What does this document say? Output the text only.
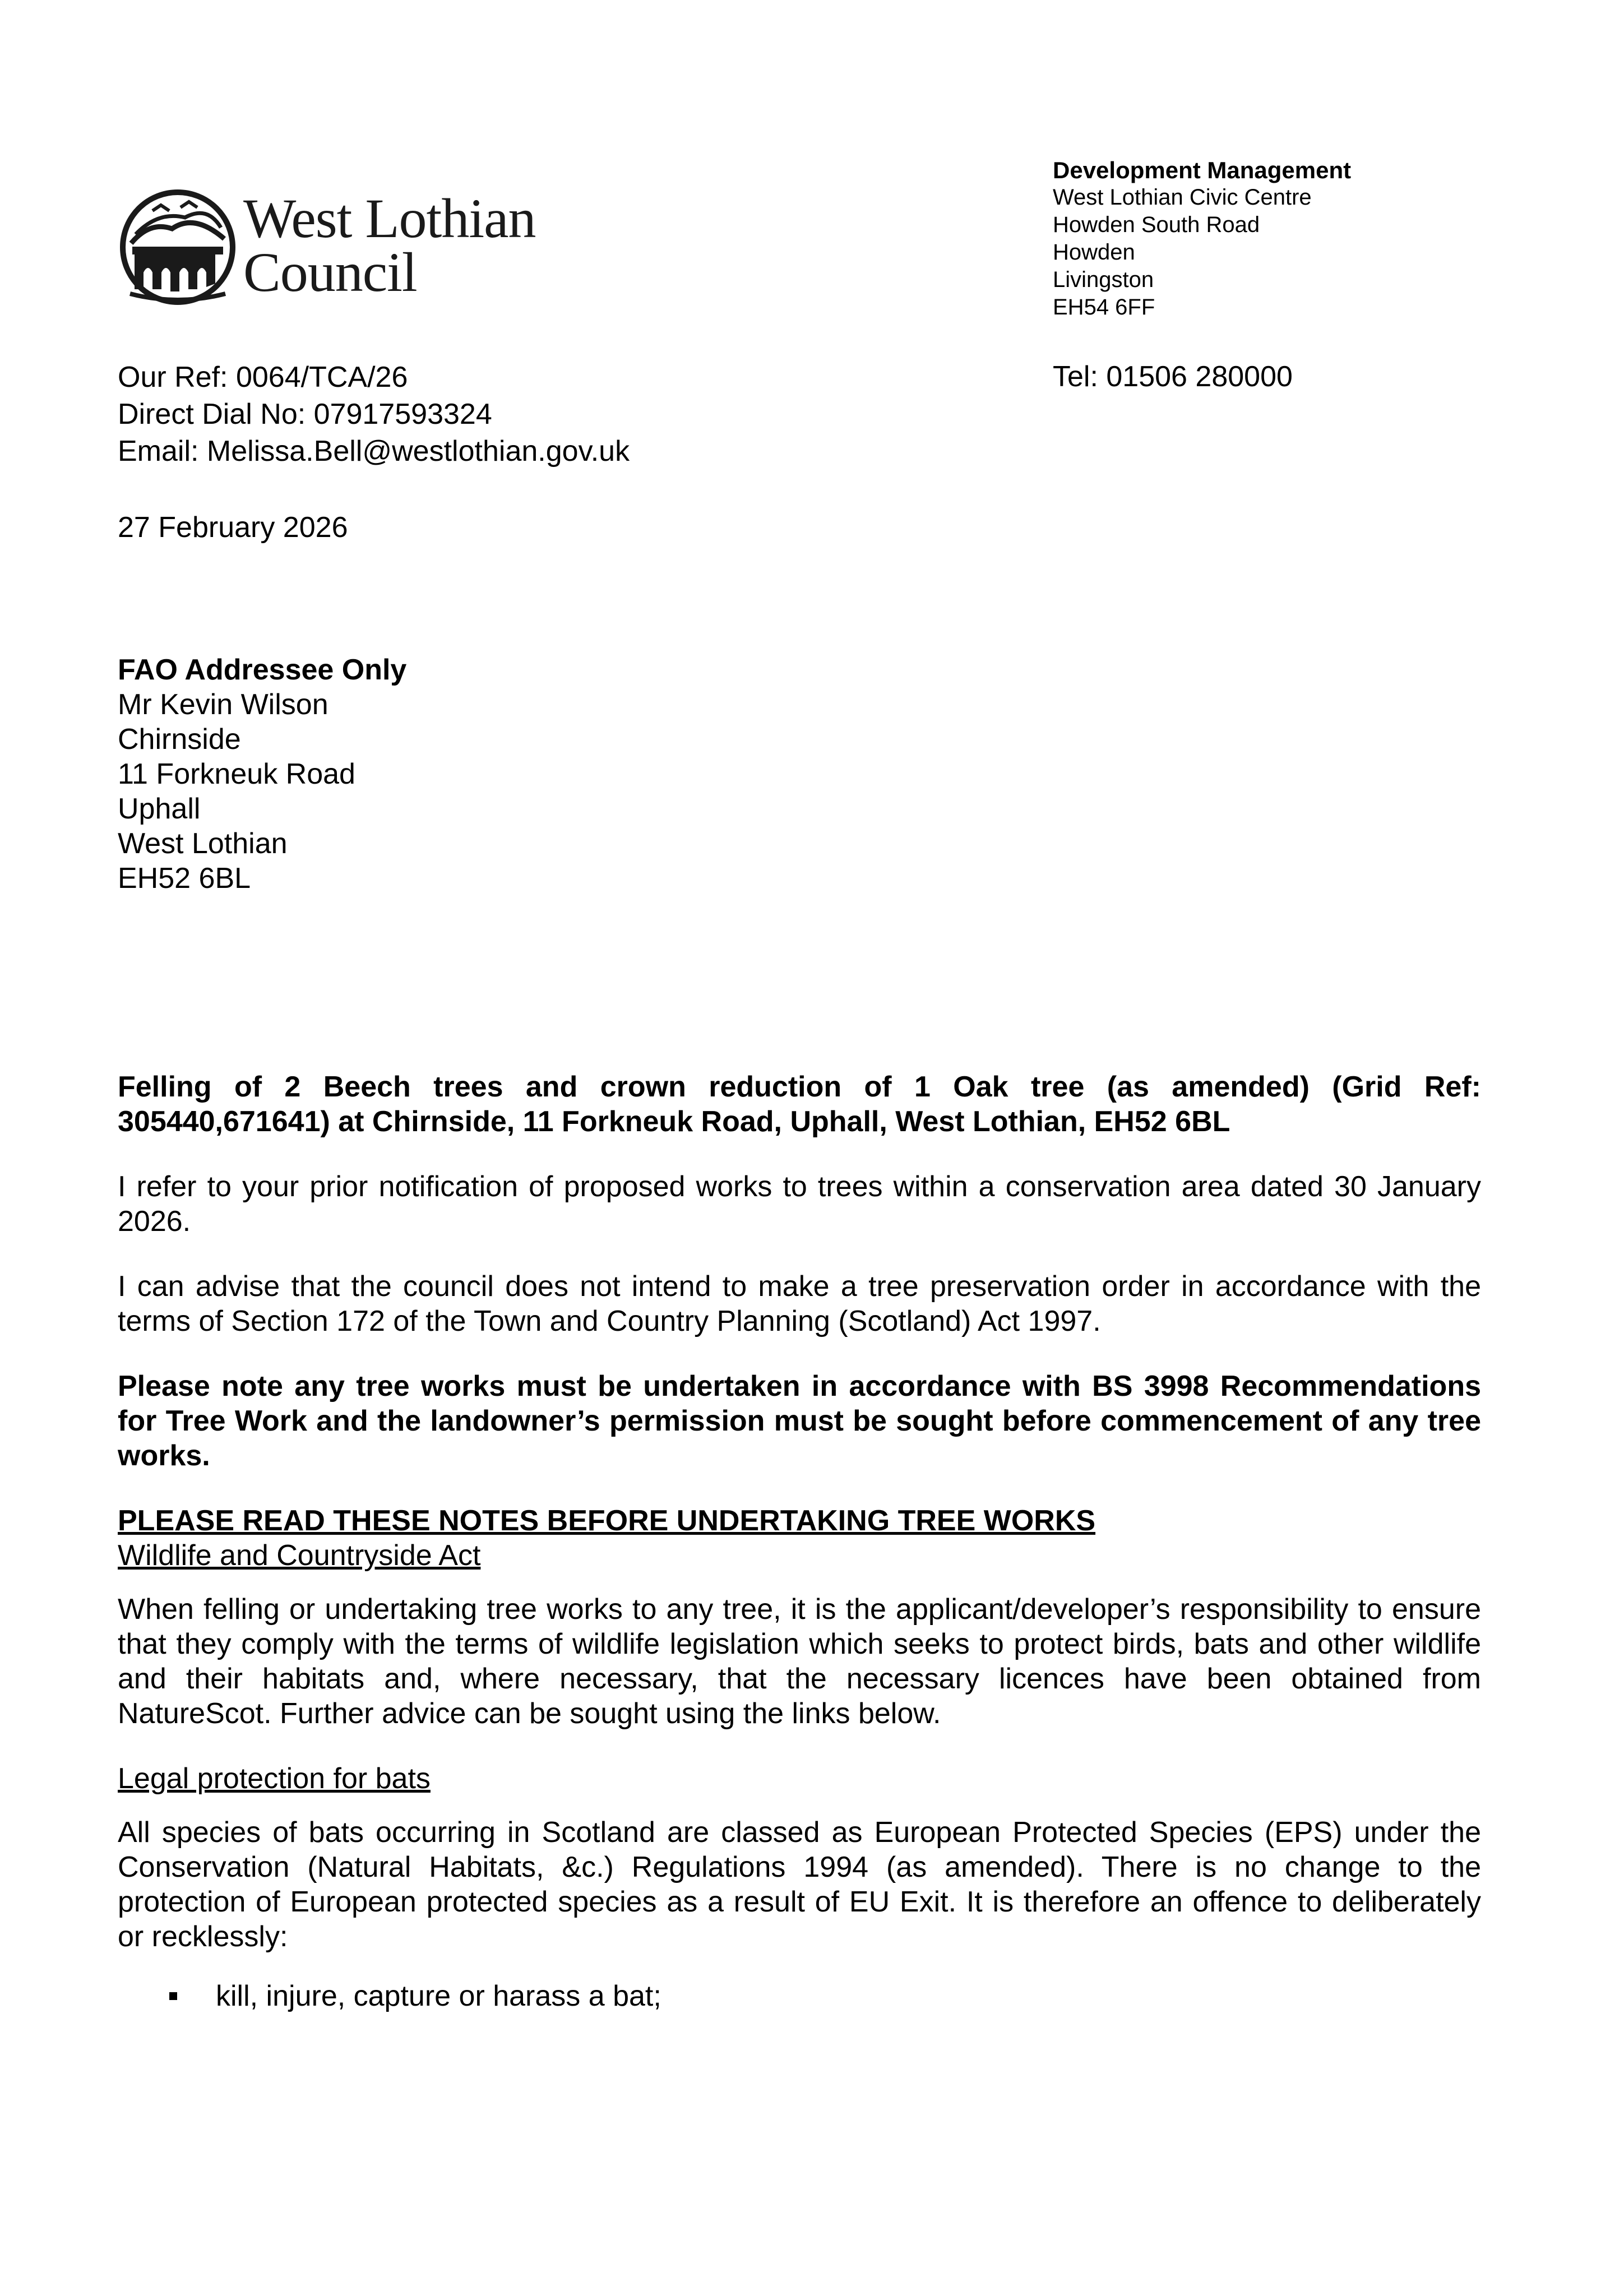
West Lothian
Council
Development Management
West Lothian Civic Centre
Howden South Road
Howden
Livingston
EH54 6FF
Tel: 01506 280000
Our Ref: 0064/TCA/26
Direct Dial No: 07917593324
Email: Melissa.Bell@westlothian.gov.uk
27 February 2026
FAO Addressee Only
Mr Kevin Wilson
Chirnside
11 Forkneuk Road
Uphall
West Lothian
EH52 6BL

Felling of 2 Beech trees and crown reduction of 1 Oak tree (as amended) (Grid Ref: 305440,671641) at Chirnside, 11 Forkneuk Road, Uphall, West Lothian, EH52 6BL

I refer to your prior notification of proposed works to trees within a conservation area dated 30 January 2026.

I can advise that the council does not intend to make a tree preservation order in accordance with the terms of Section 172 of the Town and Country Planning (Scotland) Act 1997.

Please note any tree works must be undertaken in accordance with BS 3998 Recommendations for Tree Work and the landowner’s permission must be sought before commencement of any tree works.

PLEASE READ THESE NOTES BEFORE UNDERTAKING TREE WORKS

Wildlife and Countryside Act

When felling or undertaking tree works to any tree, it is the applicant/developer’s responsibility to ensure that they comply with the terms of wildlife legislation which seeks to protect birds, bats and other wildlife and their habitats and, where necessary, that the necessary licences have been obtained from NatureScot. Further advice can be sought using the links below.

Legal protection for bats

All species of bats occurring in Scotland are classed as European Protected Species (EPS) under the Conservation (Natural Habitats, &c.) Regulations 1994 (as amended). There is no change to the protection of European protected species as a result of EU Exit. It is therefore an offence to deliberately or recklessly:

kill, injure, capture or harass a bat;
